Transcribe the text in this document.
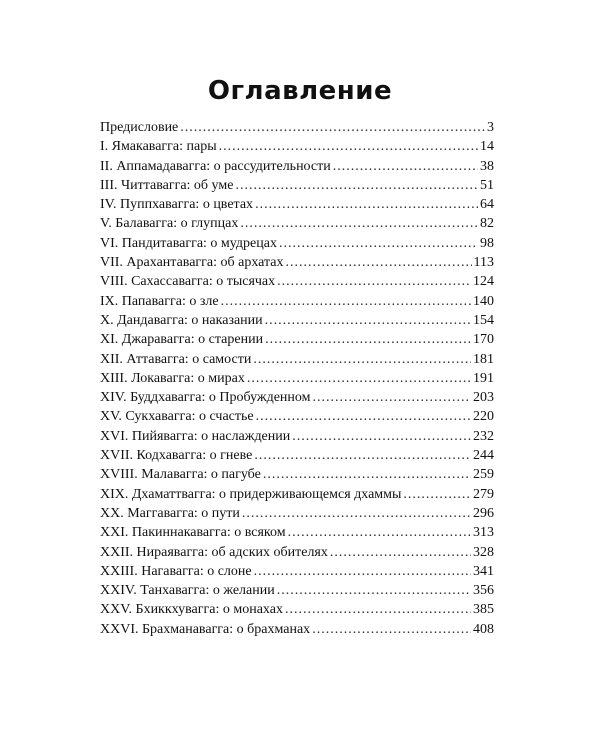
Оглавление
Предисловие .....	3
I. Ямакавагга: пары .....	14
II. Аппамадавагга: о рассудительности .....	38
III. Читтавагга: об уме .....	51
IV. Пуппхавагга: о цветах .....	64
V. Балавагга: о глупцах .....	82
VI. Пандитавагга: о мудрецах .....	98
VII. Арахантавагга: об архатах .....	113
VIII. Сахассавагга: о тысячах .....	124
IX. Папавагга: о зле .....	140
X. Дандавагга: о наказании .....	154
XI. Джаравагга: о старении .....	170
XII. Аттавагга: о самости .....	181
XIII. Локавагга: о мирах .....	191
XIV. Буддхавагга: о Пробужденном .....	203
XV. Сукхавагга: о счастье .....	220
XVI. Пийявагга: о наслаждении .....	232
XVII. Кодхавагга: о гневе .....	244
XVIII. Малавагга: о пагубе .....	259
XIX. Дхаматтвагга: о придерживающемся дхаммы .....	279
XX. Маггавагга: о пути .....	296
XXI. Пакиннакавагга: о всяком .....	313
XXII. Нираявагга: об адских обителях .....	328
XXIII. Нагавагга: о слоне .....	341
XXIV. Танхавагга: о желании .....	356
XXV. Бхиккхувагга: о монахах .....	385
XXVI. Брахманавагга: о брахманах .....	408
